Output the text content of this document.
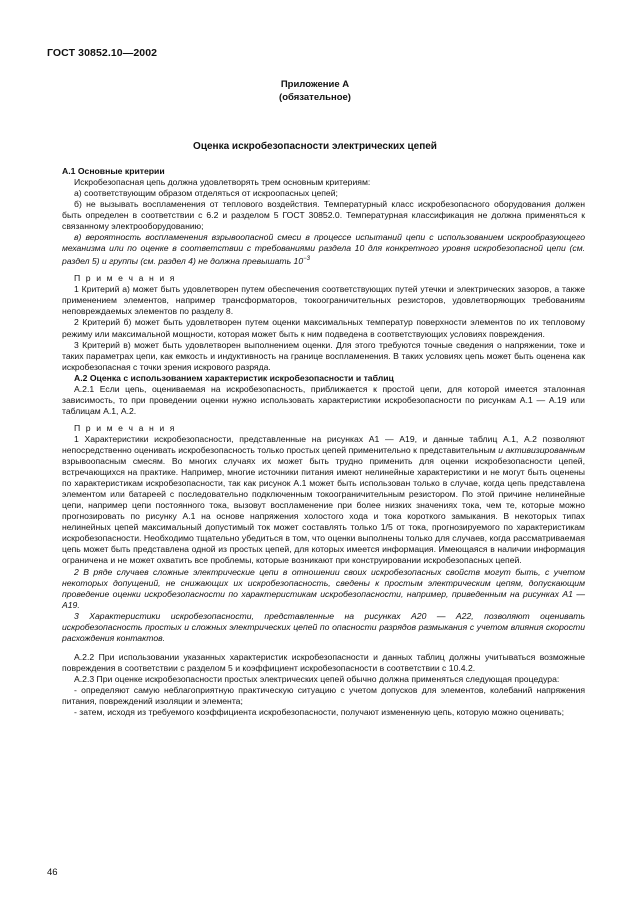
ГОСТ 30852.10—2002
Приложение А
(обязательное)
Оценка искробезопасности электрических цепей

А.1 Основные критерии

Искробезопасная цепь должна удовлетворять трем основным критериям:

а) соответствующим образом отделяться от искроопасных цепей;

б) не вызывать воспламенения от теплового воздействия. Температурный класс искробезопасного оборудования должен быть определен в соответствии с 6.2 и разделом 5 ГОСТ 30852.0. Температурная классификация не должна применяться к связанному электрооборудованию;

в) вероятность воспламенения взрывоопасной смеси в процессе испытаний цепи с использованием искрообразующего механизма или по оценке в соответствии с требованиями раздела 10 для конкретного уровня искробезопасной цепи (см. раздел 5) и группы (см. раздел 4) не должна превышать $10^{-3}$

П р и м е ч а н и я

1 Критерий а) может быть удовлетворен путем обеспечения соответствующих путей утечки и электрических зазоров, а также применением элементов, например трансформаторов, токоограничительных резисторов, удовлетворяющих требованиям неповреждаемых элементов по разделу 8.

2 Критерий б) может быть удовлетворен путем оценки максимальных температур поверхности элементов по их тепловому режиму или максимальной мощности, которая может быть к ним подведена в соответствующих условиях повреждения.

3 Критерий в) может быть удовлетворен выполнением оценки. Для этого требуются точные сведения о напряжении, токе и таких параметрах цепи, как емкость и индуктивность на границе воспламенения. В таких условиях цепь может быть оценена как искробезопасная с точки зрения искрового разряда.

А.2 Оценка с использованием характеристик искробезопасности и таблиц

А.2.1 Если цепь, оцениваемая на искробезопасность, приближается к простой цепи, для которой имеется эталонная зависимость, то при проведении оценки нужно использовать характеристики искробезопасности по рисункам А.1 — А.19 или таблицам А.1, А.2.

П р и м е ч а н и я

1 Характеристики искробезопасности, представленные на рисунках А1 — А19, и данные таблиц А.1, А.2 позволяют непосредственно оценивать искробезопасность только простых цепей применительно к представительным и активизированным взрывоопасным смесям. Во многих случаях их может быть трудно применить для оценки искробезопасности цепей, встречающихся на практике. Например, многие источники питания имеют нелинейные характеристики и не могут быть оценены по характеристикам искробезопасности, так как рисунок А.1 может быть использован только в случае, когда цепь представлена элементом или батареей с последовательно подключенным токоограничительным резистором. По этой причине нелинейные цепи, например цепи постоянного тока, вызовут воспламенение при более низких значениях тока, чем те, которые можно прогнозировать по рисунку А.1 на основе напряжения холостого хода и тока короткого замыкания. В некоторых типах нелинейных цепей максимальный допустимый ток может составлять только 1/5 от тока, прогнозируемого по характеристикам искробезопасности. Необходимо тщательно убедиться в том, что оценки выполнены только для случаев, когда рассматриваемая цепь может быть представлена одной из простых цепей, для которых имеется информация. Имеющаяся в наличии информация ограничена и не может охватить все проблемы, которые возникают при конструировании искробезопасных цепей.

2 В ряде случаев сложные электрические цепи в отношении своих искробезопасных свойств могут быть, с учетом некоторых допущений, не снижающих их искробезопасность, сведены к простым электрическим цепям, допускающим проведение оценки искробезопасности по характеристикам искробезопасности, например, приведенным на рисунках А1 — А19.

3 Характеристики искробезопасности, представленные на рисунках А20 — А22, позволяют оценивать искробезопасность простых и сложных электрических цепей по опасности разрядов размыкания с учетом влияния скорости расхождения контактов.

А.2.2 При использовании указанных характеристик искробезопасности и данных таблиц должны учитываться возможные повреждения в соответствии с разделом 5 и коэффициент искробезопасности в соответствии с 10.4.2.

А.2.3 При оценке искробезопасности простых электрических цепей обычно должна применяться следующая процедура:

- определяют самую неблагоприятную практическую ситуацию с учетом допусков для элементов, колебаний напряжения питания, повреждений изоляции и элемента;

- затем, исходя из требуемого коэффициента искробезопасности, получают измененную цепь, которую можно оценивать;

46
